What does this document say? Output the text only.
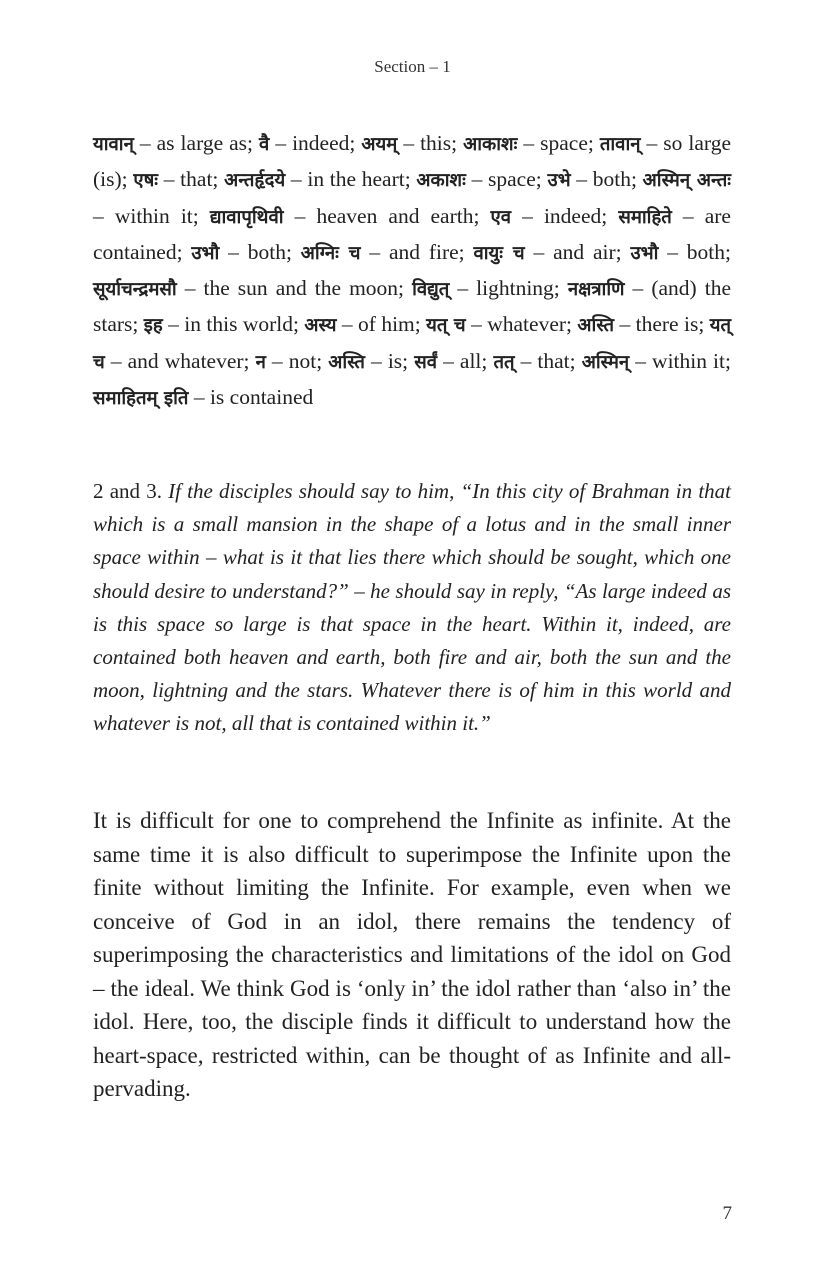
Section – 1

यावान् – as large as; वै – indeed; अयम् – this; आकाशः – space; तावान् – so large (is); एषः – that; अन्तर्हृदये – in the heart; अकाशः – space; उभे – both; अस्मिन् अन्तः – within it; द्यावापृथिवी – heaven and earth; एव – indeed; समाहिते – are contained; उभौ – both; अग्निः च – and fire; वायुः च – and air; उभौ – both; सूर्याचन्द्रमसौ – the sun and the moon; विद्युत् – lightning; नक्षत्राणि – (and) the stars; इह – in this world; अस्य – of him; यत् च – whatever; अस्ति – there is; यत् च – and whatever; न – not; अस्ति – is; सर्वं – all; तत् – that; अस्मिन् – within it; समाहितम् इति – is contained

2 and 3. If the disciples should say to him, “In this city of Brahman in that which is a small mansion in the shape of a lotus and in the small inner space within – what is it that lies there which should be sought, which one should desire to understand?” – he should say in reply, “As large indeed as is this space so large is that space in the heart. Within it, indeed, are contained both heaven and earth, both fire and air, both the sun and the moon, lightning and the stars. Whatever there is of him in this world and whatever is not, all that is contained within it.”

It is difficult for one to comprehend the Infinite as infinite. At the same time it is also difficult to superimpose the Infinite upon the finite without limiting the Infinite. For example, even when we conceive of God in an idol, there remains the tendency of superimposing the characteristics and limitations of the idol on God – the ideal. We think God is ‘only in’ the idol rather than ‘also in’ the idol. Here, too, the disciple finds it difficult to understand how the heart-space, restricted within, can be thought of as Infinite and all-pervading.

7
